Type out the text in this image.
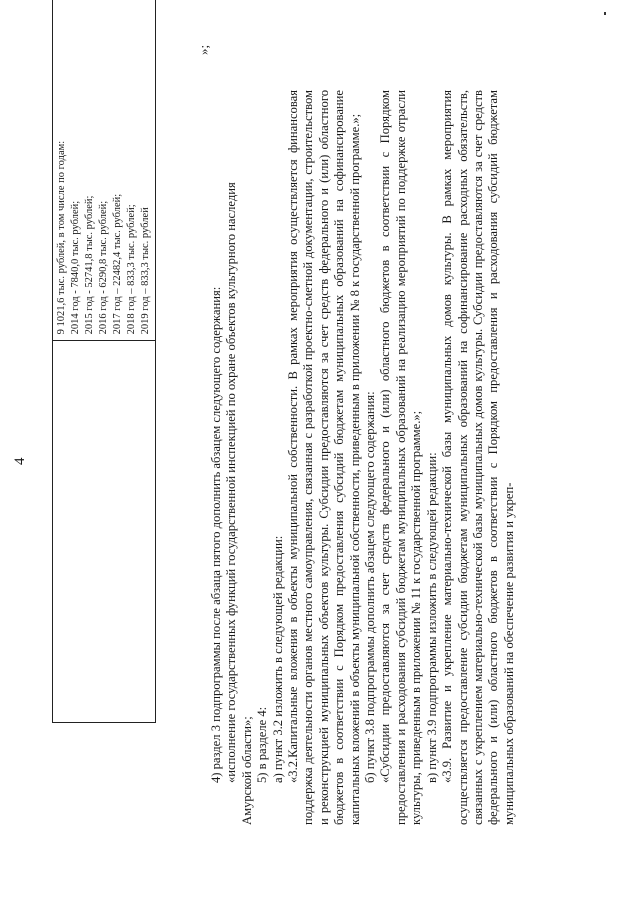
4

9 1021,6 тыс. рублей, в том числе по годам: 2014 год - 7840,0 тыс. рублей; 2015 год - 52741,8 тыс. рублей; 2016 год - 6290,8 тыс. рублей; 2017 год – 22482,4 тыс. рублей; 2018 год – 833,3 тыс. рублей; 2019 год – 833,3 тыс. рублей
»;

4) раздел 3 подпрограммы после абзаца пятого дополнить абзацем следующего содержания: «исполнение государственных функций государственной инспекцией по охране объектов культурного наследия Амурской области»; 5) в разделе 4: а) пункт 3.2 изложить в следующей редакции: «3.2.Капитальные вложения в объекты муниципальной собственности. В рамках мероприятия осуществляется финансовая поддержка деятельности органов местного самоуправления, связанная с разработкой проектно-сметной документации, строительством и реконструкцией муниципальных объектов культуры. Субсидии предоставляются за счет средств федерального и (или) областного бюджетов в соответствии с Порядком предоставления субсидий бюджетам муниципальных образований на софинансирование капитальных вложений в объекты муниципальной собственности, приведенным в приложении № 8 к государственной программе.»; б) пункт 3.8 подпрограммы дополнить абзацем следующего содержания: «Субсидии предоставляются за счет средств федерального и (или) областного бюджетов в соответствии с Порядком предоставления и расходования субсидий бюджетам муниципальных образований на реализацию мероприятий по поддержке отрасли культуры, приведенным в приложении № 11 к государственной программе.»; в) пункт 3.9 подпрограммы изложить в следующей редакции: «3.9. Развитие и укрепление материально-технической базы муниципальных домов культуры. В рамках мероприятия осуществляется предоставление субсидии бюджетам муниципальных образований на софинансирование расходных обязательств, связанных с укреплением материально-технической базы муниципальных домов культуры. Субсидии предоставляются за счет средств федерального и (или) областного бюджетов в соответствии с Порядком предоставления и расходования субсидий бюджетам муниципальных образований на обеспечение развития и укреп-
